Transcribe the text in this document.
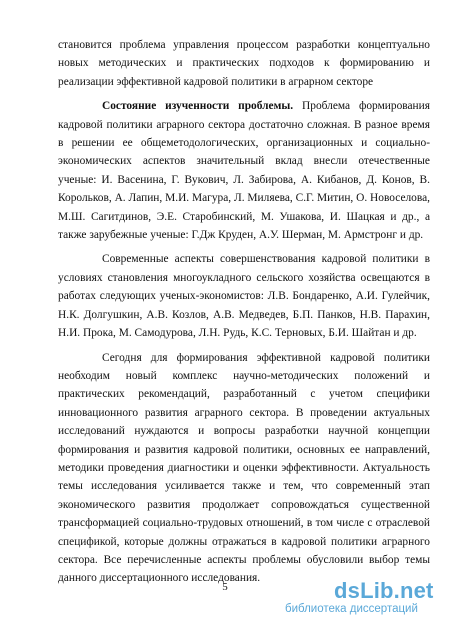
становится проблема управления процессом разработки концептуально новых методических и практических подходов к формированию и реализации эффективной кадровой политики в аграрном секторе

Состояние изученности проблемы. Проблема формирования кадровой политики аграрного сектора достаточно сложная. В разное время в решении ее общеметодологических, организационных и социально-экономических аспектов значительный вклад внесли отечественные ученые: И. Васенина, Г. Вукович, Л. Забирова, А. Кибанов, Д. Конов, В. Корольков, А. Лапин, М.И. Магура, Л. Миляева, С.Г. Митин, О. Новоселова, М.Ш. Сагитдинов, Э.Е. Старобинский, М. Ушакова, И. Шацкая и др., а также зарубежные ученые: Г.Дж Круден, А.У. Шерман, М. Армстронг и др.

Современные аспекты совершенствования кадровой политики в условиях становления многоукладного сельского хозяйства освещаются в работах следующих ученых-экономистов: Л.В. Бондаренко, А.И. Гулейчик, Н.К. Долгушкин, А.В. Козлов, А.В. Медведев, Б.П. Панков, Н.В. Парахин, Н.И. Прока, М. Самодурова, Л.Н. Рудь, К.С. Терновых, Б.И. Шайтан и др.

Сегодня для формирования эффективной кадровой политики необходим новый комплекс научно-методических положений и практических рекомендаций, разработанный с учетом специфики инновационного развития аграрного сектора. В проведении актуальных исследований нуждаются и вопросы разработки научной концепции формирования и развития кадровой политики, основных ее направлений, методики проведения диагностики и оценки эффективности. Актуальность темы исследования усиливается также и тем, что современный этап экономического развития продолжает сопровождаться существенной трансформацией социально-трудовых отношений, в том числе с отраслевой спецификой, которые должны отражаться в кадровой политики аграрного сектора. Все перечисленные аспекты проблемы обусловили выбор темы данного диссертационного исследования.

5	dsLib.net
библиотека диссертаций
